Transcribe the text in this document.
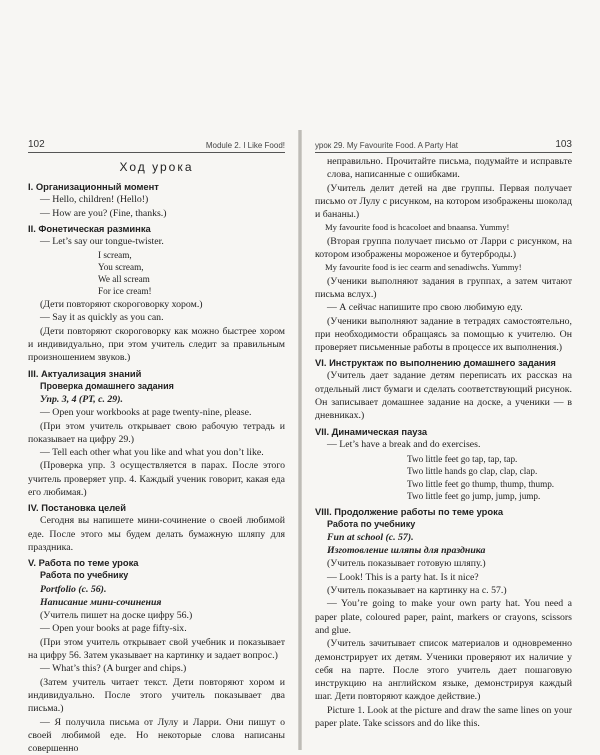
102	Module 2. I Like Food!
Ход урока
I. Организационный момент

— Hello, children! (Hello!)

— How are you? (Fine, thanks.)

II. Фонетическая разминка

— Let’s say our tongue-twister.

I scream,
You scream,
We all scream
For ice cream!

(Дети повторяют скороговорку хором.)

— Say it as quickly as you can.

(Дети повторяют скороговорку как можно быстрее хором и индивидуально, при этом учитель следит за правильным произношением звуков.)

III. Актуализация знаний

Проверка домашнего задания

Упр. 3, 4 (PT, c. 29).

— Open your workbooks at page twenty-nine, please.

(При этом учитель открывает свою рабочую тетрадь и показывает на цифру 29.)

— Tell each other what you like and what you don’t like.

(Проверка упр. 3 осуществляется в парах. После этого учитель проверяет упр. 4. Каждый ученик говорит, какая еда его любимая.)

IV. Постановка целей

Сегодня вы напишете мини-сочинение о своей любимой еде. После этого мы будем делать бумажную шляпу для праздника.

V. Работа по теме урока

Работа по учебнику

Portfolio (с. 56).

Написание мини-сочинения

(Учитель пишет на доске цифру 56.)

— Open your books at page fifty-six.

(При этом учитель открывает свой учебник и показывает на цифру 56. Затем указывает на картинку и задает вопрос.)

— What’s this? (A burger and chips.)

(Затем учитель читает текст. Дети повторяют хором и индивидуально. После этого учитель показывает два письма.)

— Я получила письма от Лулу и Ларри. Они пишут о своей любимой еде. Но некоторые слова написаны совершенно

урок 29. My Favourite Food. A Party Hat	103

неправильно. Прочитайте письма, подумайте и исправьте слова, написанные с ошибками.

(Учитель делит детей на две группы. Первая получает письмо от Лулу с рисунком, на котором изображены шоколад и бананы.)

My favourite food is hcacoloet and bnaansa. Yummy!

(Вторая группа получает письмо от Ларри с рисунком, на котором изображены мороженое и бутерброды.)

My favourite food is iec cearm and senadiwchs. Yummy!

(Ученики выполняют задания в группах, а затем читают письма вслух.)

— А сейчас напишите про свою любимую еду.

(Ученики выполняют задание в тетрадях самостоятельно, при необходимости обращаясь за помощью к учителю. Он проверяет письменные работы в процессе их выполнения.)

VI. Инструктаж по выполнению домашнего задания

(Учитель дает задание детям переписать их рассказ на отдельный лист бумаги и сделать соответствующий рисунок. Он записывает домашнее задание на доске, а ученики — в дневниках.)

VII. Динамическая пауза

— Let’s have a break and do exercises.

Two little feet go tap, tap, tap.
Two little hands go clap, clap, clap.
Two little feet go thump, thump, thump.
Two little feet go jump, jump, jump.
VIII. Продолжение работы по теме урока

Работа по учебнику

Fun at school (с. 57).

Изготовление шляпы для праздника

(Учитель показывает готовую шляпу.)

— Look! This is a party hat. Is it nice?

(Учитель показывает на картинку на с. 57.)

— You’re going to make your own party hat. You need a paper plate, coloured paper, paint, markers or crayons, scissors and glue.

(Учитель зачитывает список материалов и одновременно демонстрирует их детям. Ученики проверяют их наличие у себя на парте. После этого учитель дает пошаговую инструкцию на английском языке, демонстрируя каждый шаг. Дети повторяют каждое действие.)

Picture 1. Look at the picture and draw the same lines on your paper plate. Take scissors and do like this.
